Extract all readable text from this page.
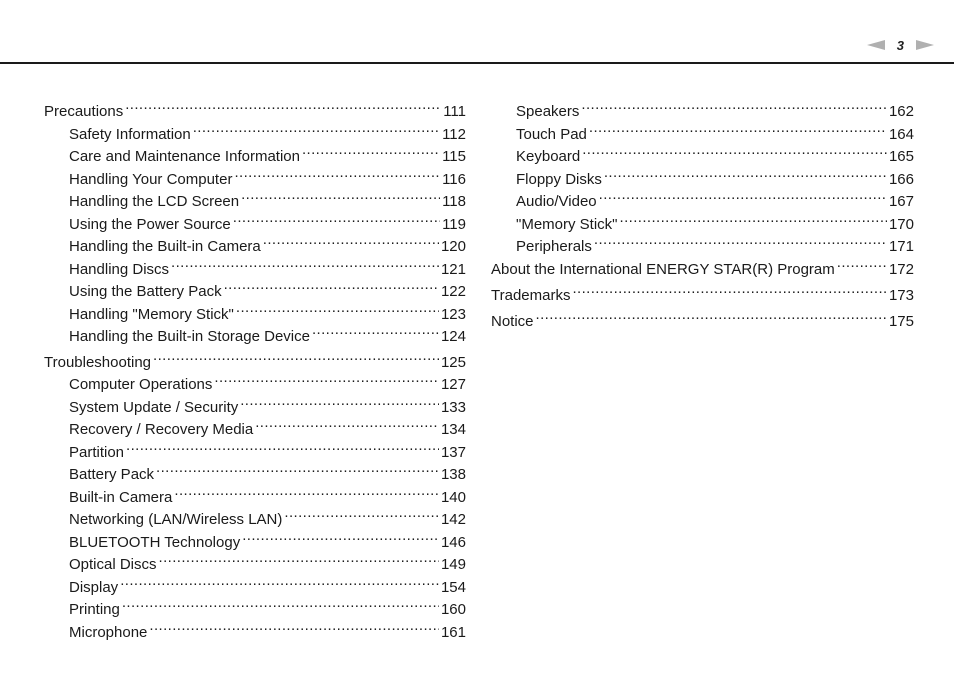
3
Precautions .....	111
Safety Information .....	112
Care and Maintenance Information .....	115
Handling Your Computer .....	116
Handling the LCD Screen .....	118
Using the Power Source .....	119
Handling the Built-in Camera .....	120
Handling Discs .....	121
Using the Battery Pack .....	122
Handling "Memory Stick" .....	123
Handling the Built-in Storage Device .....	124
Troubleshooting .....	125
Computer Operations .....	127
System Update / Security .....	133
Recovery / Recovery Media .....	134
Partition .....	137
Battery Pack .....	138
Built-in Camera .....	140
Networking (LAN/Wireless LAN) .....	142
BLUETOOTH Technology .....	146
Optical Discs .....	149
Display .....	154
Printing .....	160
Microphone .....	161
Speakers .....	162
Touch Pad .....	164
Keyboard .....	165
Floppy Disks .....	166
Audio/Video .....	167
"Memory Stick" .....	170
Peripherals .....	171
About the International ENERGY STAR(R) Program .....	172
Trademarks .....	173
Notice .....	175
